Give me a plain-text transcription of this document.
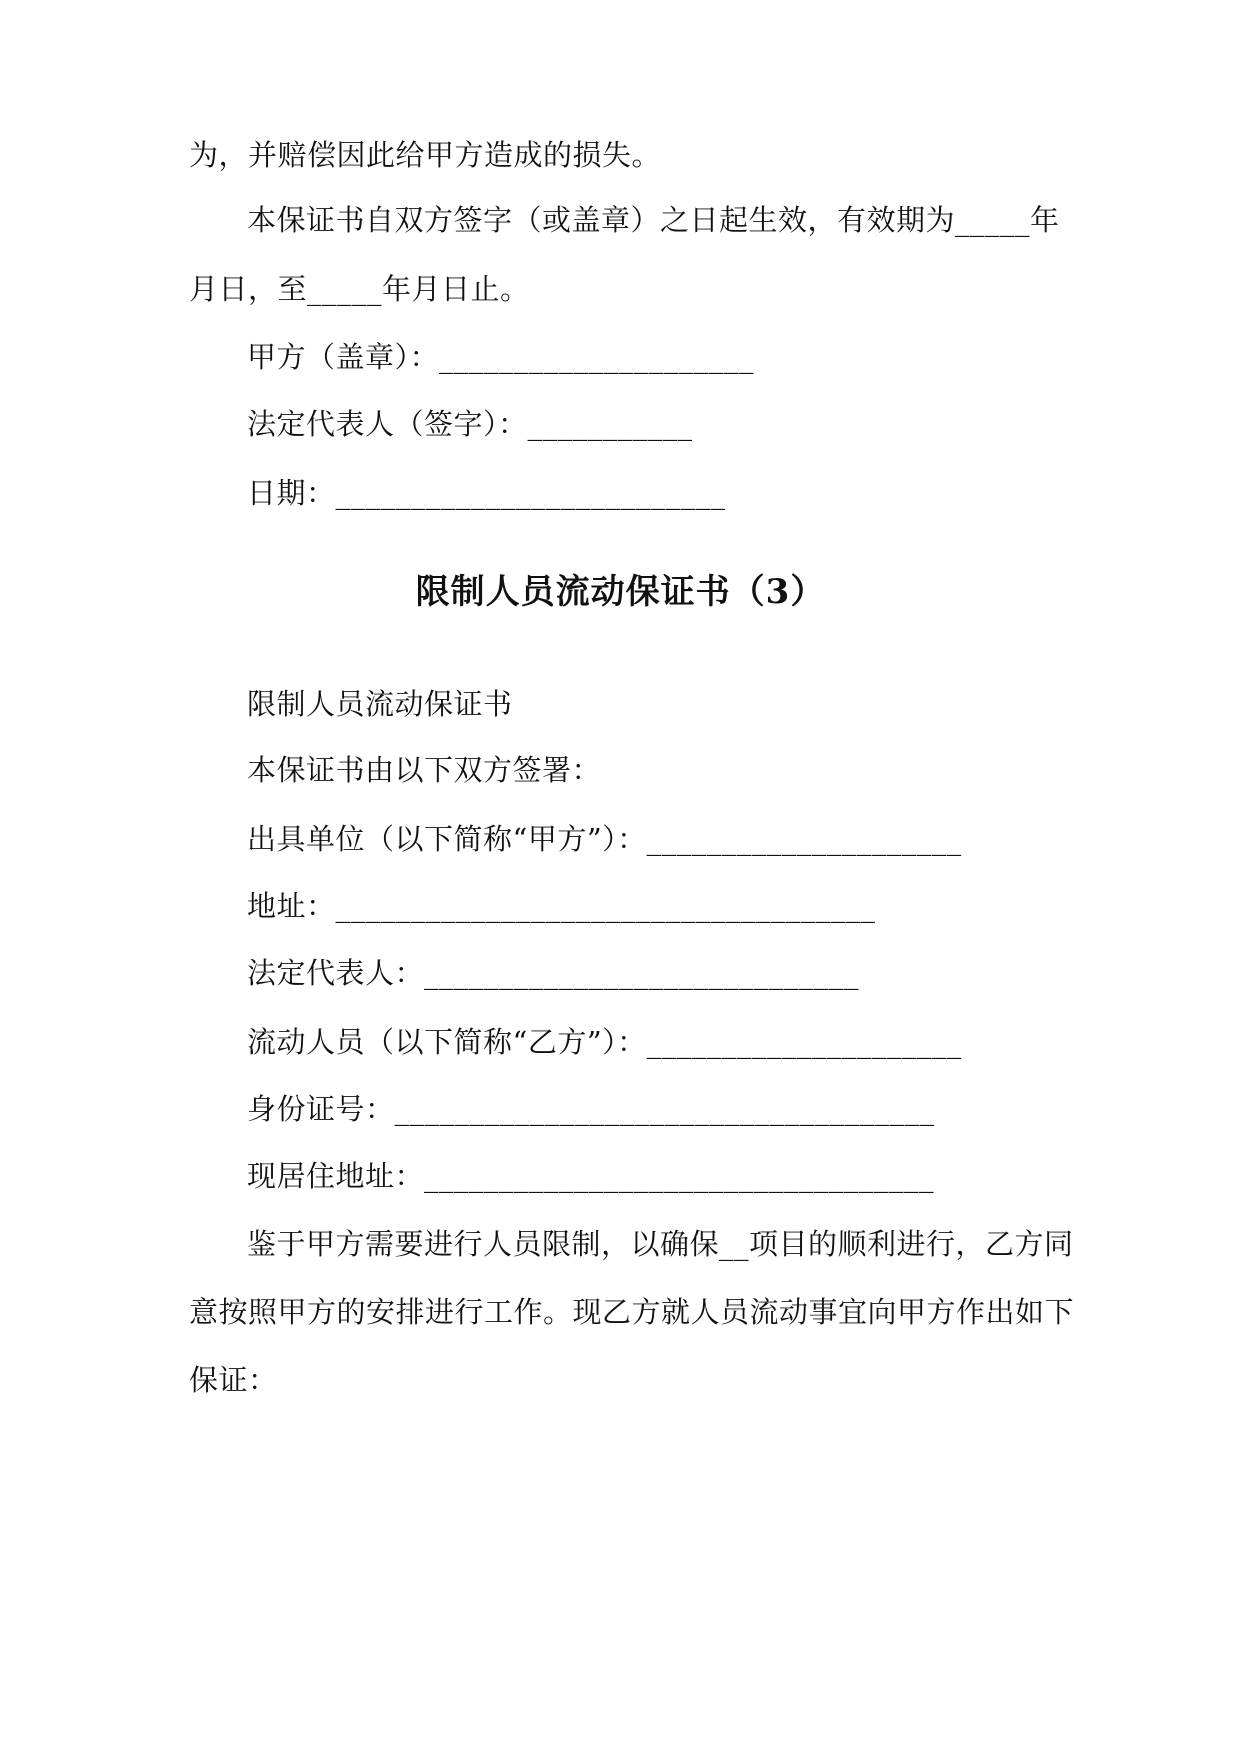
为，并赔偿因此给甲方造成的损失。
本保证书自双方签字（或盖章）之日起生效，有效期为_____年
月日，至_____年月日止。
甲方（盖章）：_____________________
法定代表人（签字）：___________
日期：__________________________
限制人员流动保证书（3）
限制人员流动保证书
本保证书由以下双方签署：
出具单位（以下简称“甲方”）：_____________________
地址：____________________________________
法定代表人：_____________________________
流动人员（以下简称“乙方”）：_____________________
身份证号：____________________________________
现居住地址：__________________________________
鉴于甲方需要进行人员限制，以确保__项目的顺利进行，乙方同
意按照甲方的安排进行工作。现乙方就人员流动事宜向甲方作出如下
保证：
